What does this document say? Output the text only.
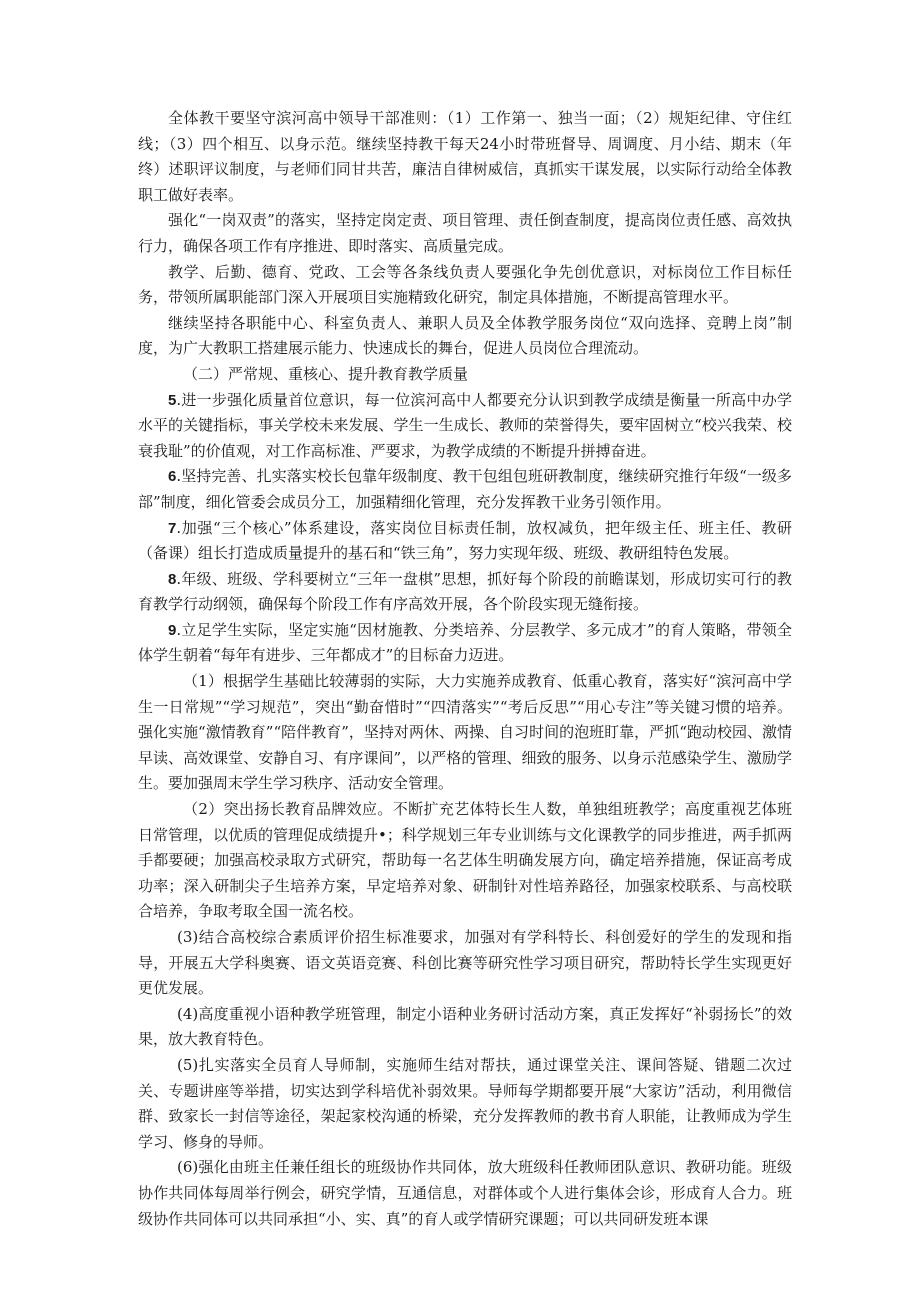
全体教干要坚守滨河高中领导干部准则：（1）工作第一、独当一面；（2）规矩纪律、守住红线；（3）四个相互、以身示范。继续坚持教干每天24小时带班督导、周调度、月小结、期末（年终）述职评议制度，与老师们同甘共苦，廉洁自律树威信，真抓实干谋发展，以实际行动给全体教职工做好表率。

强化“一岗双责”的落实，坚持定岗定责、项目管理、责任倒查制度，提高岗位责任感、高效执行力，确保各项工作有序推进、即时落实、高质量完成。

教学、后勤、德育、党政、工会等各条线负责人要强化争先创优意识，对标岗位工作目标任务，带领所属职能部门深入开展项目实施精致化研究，制定具体措施，不断提高管理水平。

继续坚持各职能中心、科室负责人、兼职人员及全体教学服务岗位“双向选择、竞聘上岗”制度，为广大教职工搭建展示能力、快速成长的舞台，促进人员岗位合理流动。

（二）严常规、重核心、提升教育教学质量

5.进一步强化质量首位意识，每一位滨河高中人都要充分认识到教学成绩是衡量一所高中办学水平的关键指标，事关学校未来发展、学生一生成长、教师的荣誉得失，要牢固树立“校兴我荣、校衰我耻”的价值观，对工作高标准、严要求，为教学成绩的不断提升拼搏奋进。

6.坚持完善、扎实落实校长包靠年级制度、教干包组包班研教制度，继续研究推行年级“一级多部”制度，细化管委会成员分工，加强精细化管理，充分发挥教干业务引领作用。

7.加强“三个核心”体系建设，落实岗位目标责任制，放权减负，把年级主任、班主任、教研（备课）组长打造成质量提升的基石和“铁三角”，努力实现年级、班级、教研组特色发展。

8.年级、班级、学科要树立“三年一盘棋”思想，抓好每个阶段的前瞻谋划，形成切实可行的教育教学行动纲领，确保每个阶段工作有序高效开展，各个阶段实现无缝衔接。

9.立足学生实际，坚定实施“因材施教、分类培养、分层教学、多元成才”的育人策略，带领全体学生朝着“每年有进步、三年都成才”的目标奋力迈进。

（1）根据学生基础比较薄弱的实际，大力实施养成教育、低重心教育，落实好“滨河高中学生一日常规”“学习规范”，突出“勤奋惜时”“四清落实”“考后反思”“用心专注”等关键习惯的培养。强化实施“激情教育”“陪伴教育”，坚持对两休、两操、自习时间的泡班盯靠，严抓“跑动校园、激情早读、高效课堂、安静自习、有序课间”，以严格的管理、细致的服务、以身示范感染学生、激励学生。要加强周末学生学习秩序、活动安全管理。

（2）突出扬长教育品牌效应。不断扩充艺体特长生人数，单独组班教学；高度重视艺体班日常管理，以优质的管理促成绩提升•；科学规划三年专业训练与文化课教学的同步推进，两手抓两手都要硬；加强高校录取方式研究，帮助每一名艺体生明确发展方向，确定培养措施，保证高考成功率；深入研制尖子生培养方案，早定培养对象、研制针对性培养路径，加强家校联系、与高校联合培养，争取考取全国一流名校。

(3)结合高校综合素质评价招生标准要求，加强对有学科特长、科创爱好的学生的发现和指导，开展五大学科奥赛、语文英语竞赛、科创比赛等研究性学习项目研究，帮助特长学生实现更好更优发展。

(4)高度重视小语种教学班管理，制定小语种业务研讨活动方案，真正发挥好“补弱扬长”的效果，放大教育特色。

(5)扎实落实全员育人导师制，实施师生结对帮扶，通过课堂关注、课间答疑、错题二次过关、专题讲座等举措，切实达到学科培优补弱效果。导师每学期都要开展“大家访”活动，利用微信群、致家长一封信等途径，架起家校沟通的桥梁，充分发挥教师的教书育人职能，让教师成为学生学习、修身的导师。

(6)强化由班主任兼任组长的班级协作共同体，放大班级科任教师团队意识、教研功能。班级协作共同体每周举行例会，研究学情，互通信息，对群体或个人进行集体会诊，形成育人合力。班级协作共同体可以共同承担“小、实、真”的育人或学情研究课题；可以共同研发班本课
